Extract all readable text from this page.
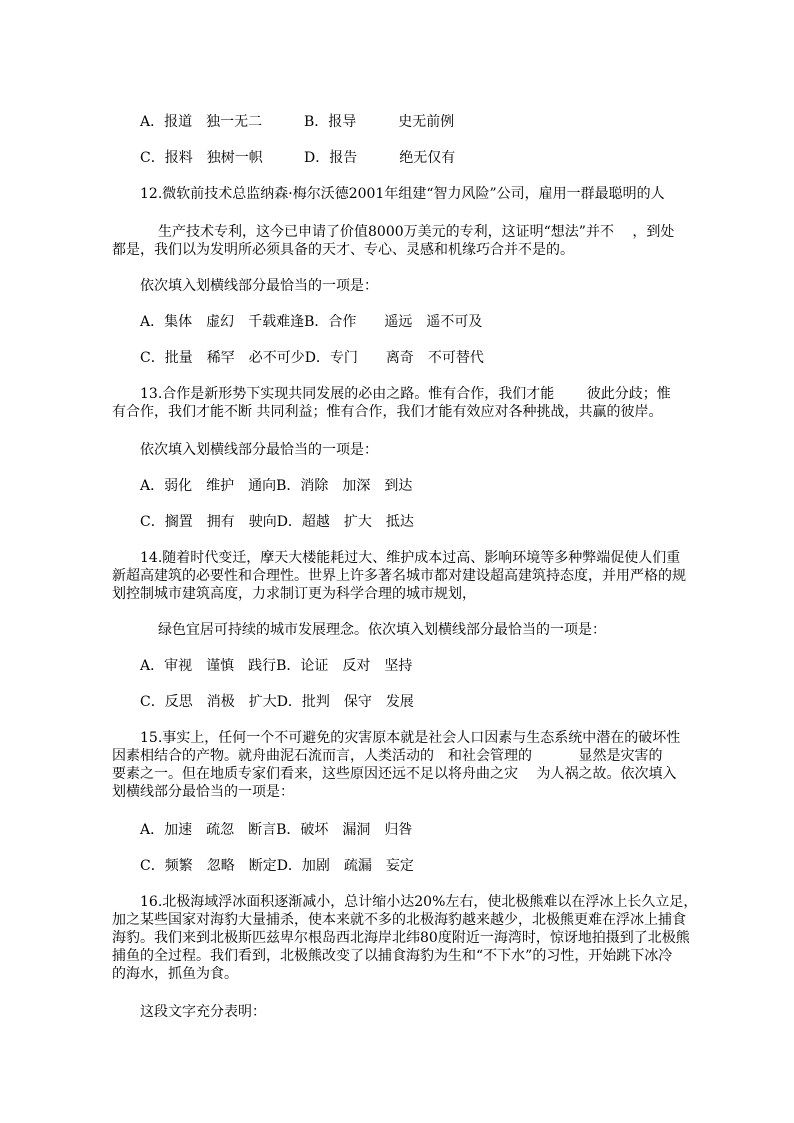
A．报道　独一无二	B．报导　　　史无前例
C．报料　独树一帜	D．报告　　　绝无仅有
12.微软前技术总监纳森·梅尔沃德2001年组建“智力风险”公司，雇用一群最聪明的人
生产技术专利，这今已申请了价值8000万美元的专利，这证明“想法”并不　 ，到处
都是，我们以为发明所必须具备的天才、专心、灵感和机缘巧合并不是的。
依次填入划横线部分最恰当的一项是：
A．集体　虚幻　千载难逢B．合作　　遥远　遥不可及
C．批量　稀罕　必不可少D．专门　　离奇　不可替代
13.合作是新形势下实现共同发展的必由之路。惟有合作，我们才能　　 彼此分歧；惟
有合作，我们才能不断 共同利益；惟有合作，我们才能有效应对各种挑战，共赢的彼岸。
依次填入划横线部分最恰当的一项是：
A．弱化　维护　通向B．消除　加深　到达
C．搁置　拥有　驶向D．超越　扩大　抵达
14.随着时代变迁，摩天大楼能耗过大、维护成本过高、影响环境等多种弊端促使人们重
新超高建筑的必要性和合理性。世界上许多著名城市都对建设超高建筑持态度，并用严格的规
划控制城市建筑高度，力求制订更为科学合理的城市规划，
绿色宜居可持续的城市发展理念。依次填入划横线部分最恰当的一项是：
A．审视　谨慎　践行B．论证　反对　坚持
C．反思　消极　扩大D．批判　保守　发展
15.事实上，任何一个不可避免的灾害原本就是社会人口因素与生态系统中潜在的破坏性
因素相结合的产物。就舟曲泥石流而言，人类活动的　和社会管理的　　　 显然是灾害的
要素之一。但在地质专家们看来，这些原因还远不足以将舟曲之灾　 为人祸之故。依次填入
划横线部分最恰当的一项是：
A．加速　疏忽　断言B．破坏　漏洞　归咎
C．频繁　忽略　断定D．加剧　疏漏　妄定
16.北极海域浮冰面积逐渐减小，总计缩小达20%左右，使北极熊难以在浮冰上长久立足，
加之某些国家对海豹大量捕杀，使本来就不多的北极海豹越来越少，北极熊更难在浮冰上捕食
海豹。我们来到北极斯匹兹卑尔根岛西北海岸北纬80度附近一海湾时，惊讶地拍摄到了北极熊
捕鱼的全过程。我们看到，北极熊改变了以捕食海豹为生和“不下水”的习性，开始跳下冰冷
的海水，抓鱼为食。
这段文字充分表明：
